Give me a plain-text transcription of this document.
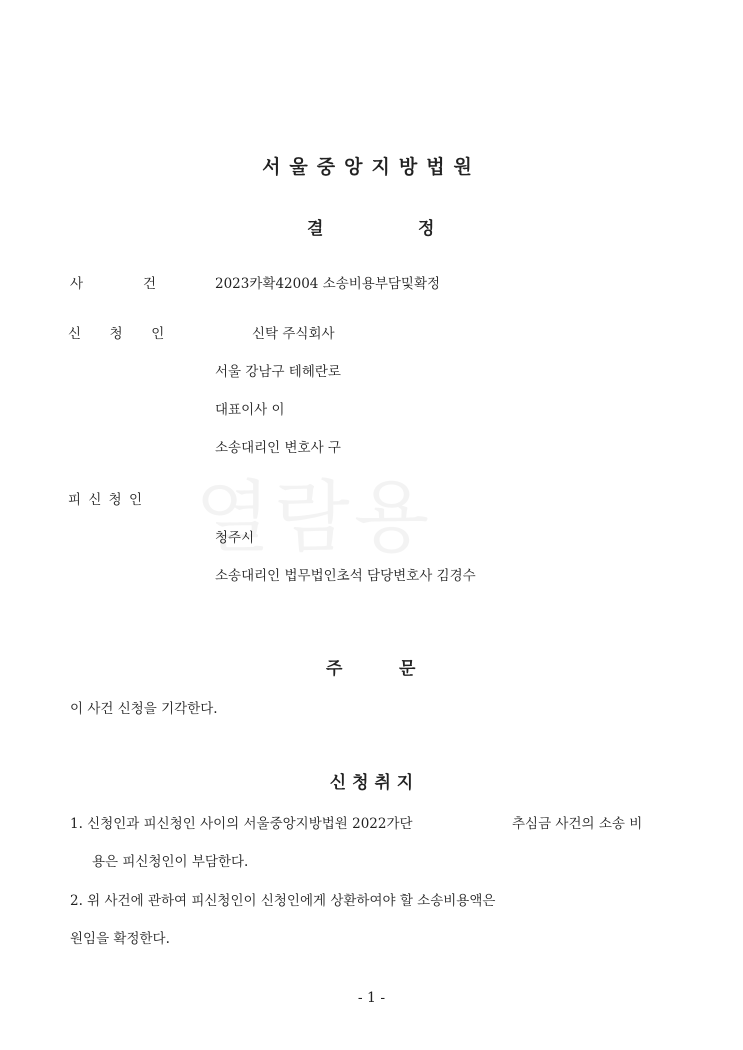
서울중앙지방법원
결	정
사	건	2023카확42004 소송비용부담및확정
신  청  인	신탁 주식회사
서울 강남구 테헤란로
대표이사 이
소송대리인 변호사 구
피 신 청 인
청주시
소송대리인 법무법인초석 담당변호사 김경수
주	문
이 사건 신청을 기각한다.
신 청 취 지
1. 신청인과 피신청인 사이의 서울중앙지방법원 2022가단	추심금 사건의 소송 비
용은 피신청인이 부담한다.
2. 위 사건에 관하여 피신청인이 신청인에게 상환하여야 할 소송비용액은
원임을 확정한다.
- 1 -
